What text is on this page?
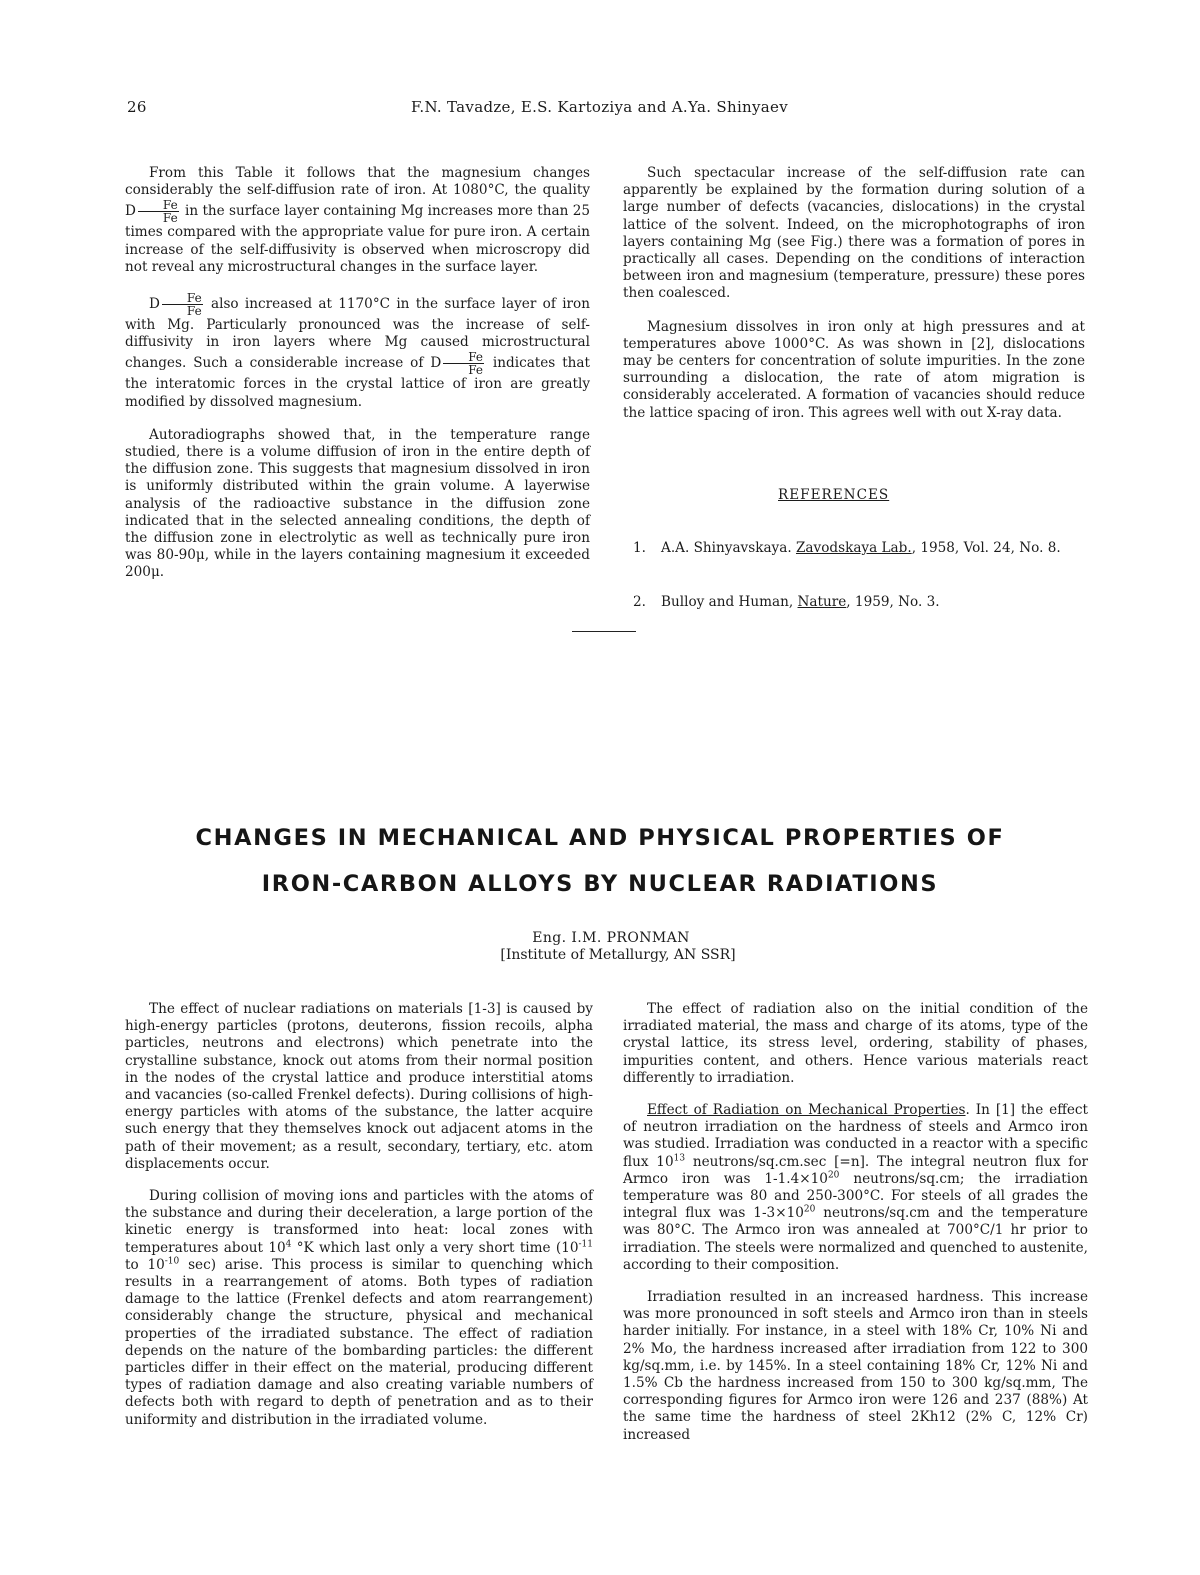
26	F.N. Tavadze, E.S. Kartoziya and A.Ya. Shinyaev

From this Table it follows that the magnesium changes considerably the self-diffusion rate of iron. At 1080°C, the quality D $\frac{Fe}{Fe}$ in the surface layer containing Mg increases more than 25 times compared with the appropriate value for pure iron. A certain increase of the self-diffusivity is observed when microscropy did not reveal any microstructural changes in the surface layer.

D $\frac{Fe}{Fe}$ also increased at 1170°C in the surface layer of iron with Mg. Particularly pronounced was the increase of self-diffusivity in iron layers where Mg caused microstructural changes. Such a considerable increase of D $\frac{Fe}{Fe}$ indicates that the interatomic forces in the crystal lattice of iron are greatly modified by dissolved magnesium.

Autoradiographs showed that, in the temperature range studied, there is a volume diffusion of iron in the entire depth of the diffusion zone. This suggests that magnesium dissolved in iron is uniformly distributed within the grain volume. A layerwise analysis of the radioactive substance in the diffusion zone indicated that in the selected annealing conditions, the depth of the diffusion zone in electrolytic as well as technically pure iron was 80-90μ, while in the layers containing magnesium it exceeded 200μ.

Such spectacular increase of the self-diffusion rate can apparently be explained by the formation during solution of a large number of defects (vacancies, dislocations) in the crystal lattice of the solvent. Indeed, on the microphotographs of iron layers containing Mg (see Fig.) there was a formation of pores in practically all cases. Depending on the conditions of interaction between iron and magnesium (temperature, pressure) these pores then coalesced.

Magnesium dissolves in iron only at high pressures and at temperatures above 1000°C. As was shown in [2], dislocations may be centers for concentration of solute impurities. In the zone surrounding a dislocation, the rate of atom migration is considerably accelerated. A formation of vacancies should reduce the lattice spacing of iron. This agrees well with out X-ray data.

REFERENCES
1. A.A. Shinyavskaya. Zavodskaya Lab., 1958, Vol. 24, No. 8.
2. Bulloy and Human, Nature, 1959, No. 3.
CHANGES IN MECHANICAL AND PHYSICAL PROPERTIES OF
IRON-CARBON ALLOYS BY NUCLEAR RADIATIONS
Eng. I.M. PRONMAN
[Institute of Metallurgy, AN SSR]

The effect of nuclear radiations on materials [1-3] is caused by high-energy particles (protons, deuterons, fission recoils, alpha particles, neutrons and electrons) which penetrate into the crystalline substance, knock out atoms from their normal position in the nodes of the crystal lattice and produce interstitial atoms and vacancies (so-called Frenkel defects). During collisions of high-energy particles with atoms of the substance, the latter acquire such energy that they themselves knock out adjacent atoms in the path of their movement; as a result, secondary, tertiary, etc. atom displacements occur.

During collision of moving ions and particles with the atoms of the substance and during their deceleration, a large portion of the kinetic energy is transformed into heat: local zones with temperatures about $10^4$ °K which last only a very short time ($10^{-11}$ to $10^{-10}$ sec) arise. This process is similar to quenching which results in a rearrangement of atoms. Both types of radiation damage to the lattice (Frenkel defects and atom rearrangement) considerably change the structure, physical and mechanical properties of the irradiated substance. The effect of radiation depends on the nature of the bombarding particles: the different particles differ in their effect on the material, producing different types of radiation damage and also creating variable numbers of defects both with regard to depth of penetration and as to their uniformity and distribution in the irradiated volume.

The effect of radiation also on the initial condition of the irradiated material, the mass and charge of its atoms, type of the crystal lattice, its stress level, ordering, stability of phases, impurities content, and others. Hence various materials react differently to irradiation.

Effect of Radiation on Mechanical Properties. In [1] the effect of neutron irradiation on the hardness of steels and Armco iron was studied. Irradiation was conducted in a reactor with a specific flux $10^{13}$ neutrons/sq.cm.sec [=n]. The integral neutron flux for Armco iron was $1-1.4\times 10^{20}$ neutrons/sq.cm; the irradiation temperature was 80 and 250-300°C. For steels of all grades the integral flux was $1-3\times 10^{20}$ neutrons/sq.cm and the temperature was 80°C. The Armco iron was annealed at 700°C/1 hr prior to irradiation. The steels were normalized and quenched to austenite, according to their composition.

Irradiation resulted in an increased hardness. This increase was more pronounced in soft steels and Armco iron than in steels harder initially. For instance, in a steel with 18% Cr, 10% Ni and 2% Mo, the hardness increased after irradiation from 122 to 300 kg/sq.mm, i.e. by 145%. In a steel containing 18% Cr, 12% Ni and 1.5% Cb the hardness increased from 150 to 300 kg/sq.mm, The corresponding figures for Armco iron were 126 and 237 (88%) At the same time the hardness of steel 2Kh12 (2% C, 12% Cr) increased
